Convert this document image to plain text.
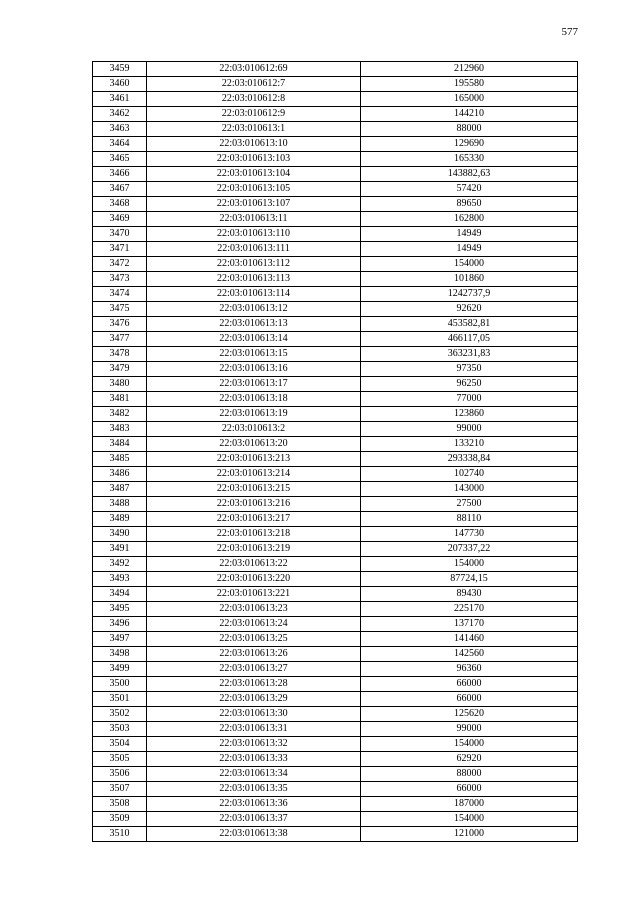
577
3459	22:03:010612:69	212960
3460	22:03:010612:7	195580
3461	22:03:010612:8	165000
3462	22:03:010612:9	144210
3463	22:03:010613:1	88000
3464	22:03:010613:10	129690
3465	22:03:010613:103	165330
3466	22:03:010613:104	143882,63
3467	22:03:010613:105	57420
3468	22:03:010613:107	89650
3469	22:03:010613:11	162800
3470	22:03:010613:110	14949
3471	22:03:010613:111	14949
3472	22:03:010613:112	154000
3473	22:03:010613:113	101860
3474	22:03:010613:114	1242737,9
3475	22:03:010613:12	92620
3476	22:03:010613:13	453582,81
3477	22:03:010613:14	466117,05
3478	22:03:010613:15	363231,83
3479	22:03:010613:16	97350
3480	22:03:010613:17	96250
3481	22:03:010613:18	77000
3482	22:03:010613:19	123860
3483	22:03:010613:2	99000
3484	22:03:010613:20	133210
3485	22:03:010613:213	293338,84
3486	22:03:010613:214	102740
3487	22:03:010613:215	143000
3488	22:03:010613:216	27500
3489	22:03:010613:217	88110
3490	22:03:010613:218	147730
3491	22:03:010613:219	207337,22
3492	22:03:010613:22	154000
3493	22:03:010613:220	87724,15
3494	22:03:010613:221	89430
3495	22:03:010613:23	225170
3496	22:03:010613:24	137170
3497	22:03:010613:25	141460
3498	22:03:010613:26	142560
3499	22:03:010613:27	96360
3500	22:03:010613:28	66000
3501	22:03:010613:29	66000
3502	22:03:010613:30	125620
3503	22:03:010613:31	99000
3504	22:03:010613:32	154000
3505	22:03:010613:33	62920
3506	22:03:010613:34	88000
3507	22:03:010613:35	66000
3508	22:03:010613:36	187000
3509	22:03:010613:37	154000
3510	22:03:010613:38	121000
